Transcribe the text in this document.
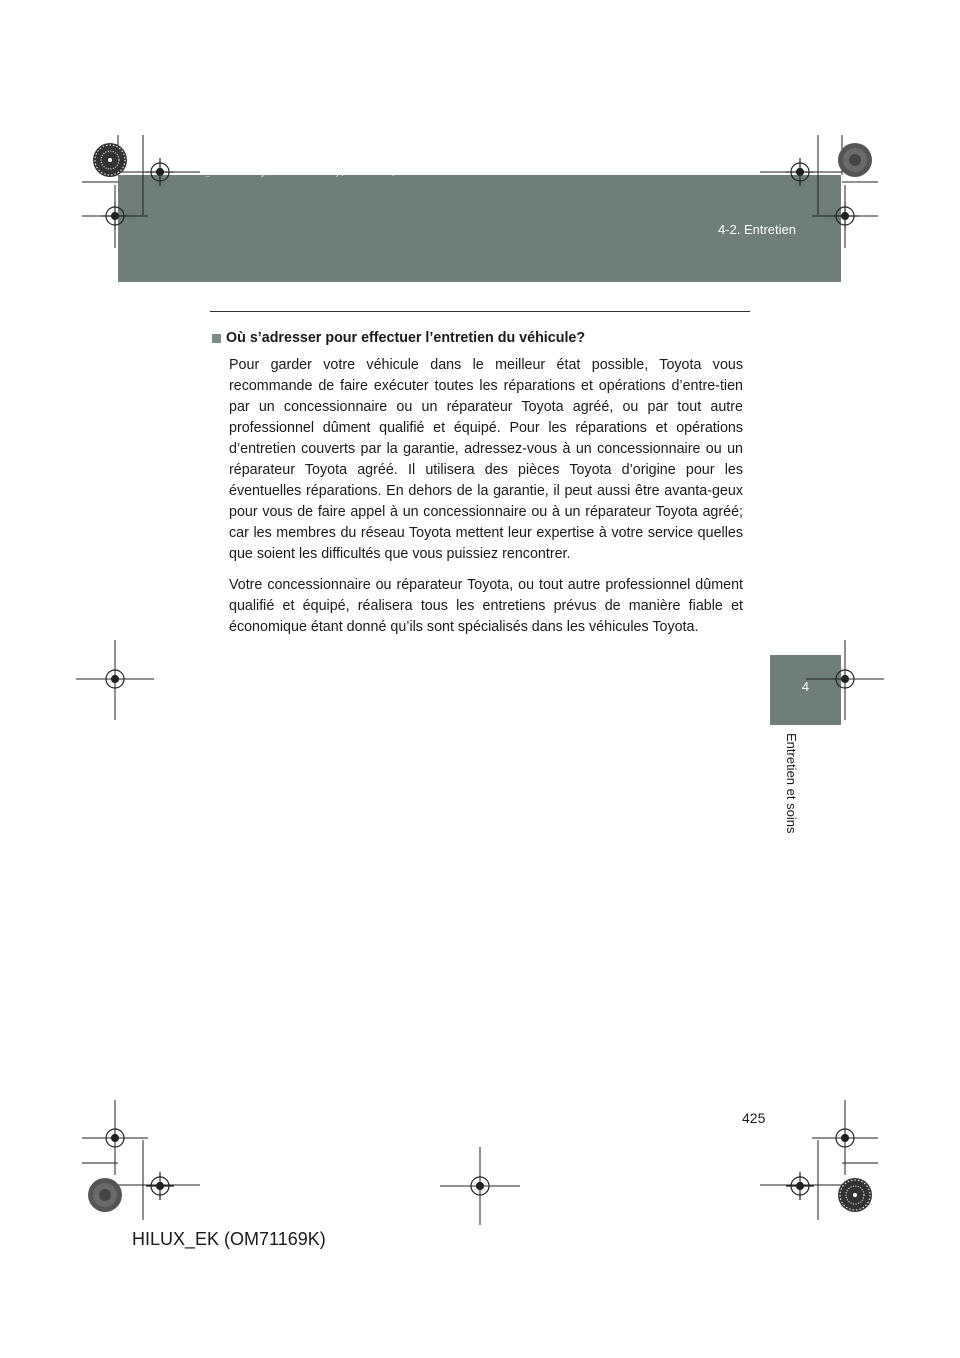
HILUX_EK.book Page 425 Wednesday, March 23, 2011 3:03 PM
4-2. Entretien
Où s’adresser pour effectuer l’entretien du véhicule?

Pour garder votre véhicule dans le meilleur état possible, Toyota vous recommande de faire exécuter toutes les réparations et opérations d’entre-tien par un concessionnaire ou un réparateur Toyota agréé, ou par tout autre professionnel dûment qualifié et équipé. Pour les réparations et opérations d’entretien couverts par la garantie, adressez-vous à un concessionnaire ou un réparateur Toyota agréé. Il utilisera des pièces Toyota d’origine pour les éventuelles réparations. En dehors de la garantie, il peut aussi être avanta-geux pour vous de faire appel à un concessionnaire ou à un réparateur Toyota agréé; car les membres du réseau Toyota mettent leur expertise à votre service quelles que soient les difficultés que vous puissiez rencontrer.

Votre concessionnaire ou réparateur Toyota, ou tout autre professionnel dûment qualifié et équipé, réalisera tous les entretiens prévus de manière fiable et économique étant donné qu’ils sont spécialisés dans les véhicules Toyota.

4
Entretien et soins
425
HILUX_EK (OM71169K)
